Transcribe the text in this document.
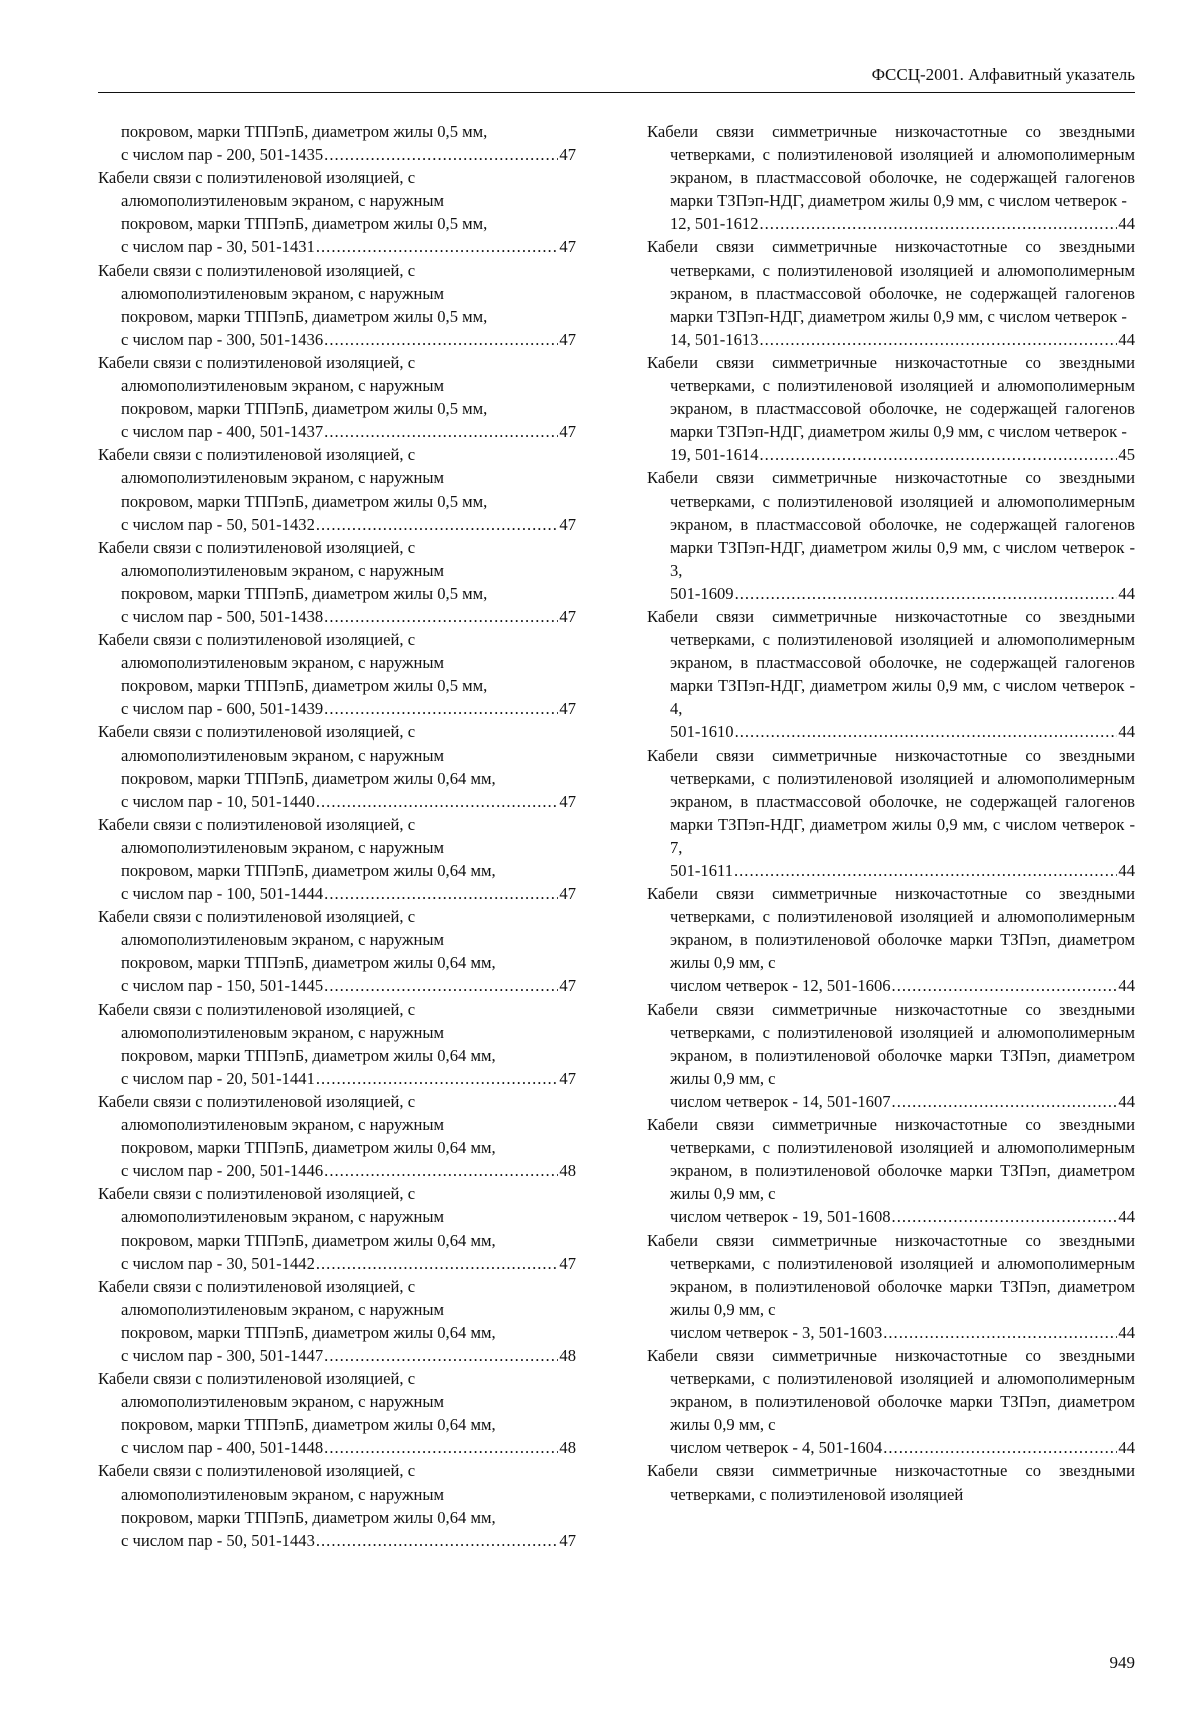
ФССЦ-2001. Алфавитный указатель
покровом, марки ТППэпБ, диаметром жилы 0,5 мм,
с числом пар - 200, 501-1435 .....	47
Кабели связи с полиэтиленовой изоляцией, с
алюмополиэтиленовым экраном, с наружным
покровом, марки ТППэпБ, диаметром жилы 0,5 мм,
с числом пар - 30, 501-1431 .....	47
Кабели связи с полиэтиленовой изоляцией, с
алюмополиэтиленовым экраном, с наружным
покровом, марки ТППэпБ, диаметром жилы 0,5 мм,
с числом пар - 300, 501-1436 .....	47
Кабели связи с полиэтиленовой изоляцией, с
алюмополиэтиленовым экраном, с наружным
покровом, марки ТППэпБ, диаметром жилы 0,5 мм,
с числом пар - 400, 501-1437 .....	47
Кабели связи с полиэтиленовой изоляцией, с
алюмополиэтиленовым экраном, с наружным
покровом, марки ТППэпБ, диаметром жилы 0,5 мм,
с числом пар - 50, 501-1432 .....	47
Кабели связи с полиэтиленовой изоляцией, с
алюмополиэтиленовым экраном, с наружным
покровом, марки ТППэпБ, диаметром жилы 0,5 мм,
с числом пар - 500, 501-1438 .....	47
Кабели связи с полиэтиленовой изоляцией, с
алюмополиэтиленовым экраном, с наружным
покровом, марки ТППэпБ, диаметром жилы 0,5 мм,
с числом пар - 600, 501-1439 .....	47
Кабели связи с полиэтиленовой изоляцией, с
алюмополиэтиленовым экраном, с наружным
покровом, марки ТППэпБ, диаметром жилы 0,64 мм,
с числом пар - 10, 501-1440 .....	47
Кабели связи с полиэтиленовой изоляцией, с
алюмополиэтиленовым экраном, с наружным
покровом, марки ТППэпБ, диаметром жилы 0,64 мм,
с числом пар - 100, 501-1444 .....	47
Кабели связи с полиэтиленовой изоляцией, с
алюмополиэтиленовым экраном, с наружным
покровом, марки ТППэпБ, диаметром жилы 0,64 мм,
с числом пар - 150, 501-1445 .....	47
Кабели связи с полиэтиленовой изоляцией, с
алюмополиэтиленовым экраном, с наружным
покровом, марки ТППэпБ, диаметром жилы 0,64 мм,
с числом пар - 20, 501-1441 .....	47
Кабели связи с полиэтиленовой изоляцией, с
алюмополиэтиленовым экраном, с наружным
покровом, марки ТППэпБ, диаметром жилы 0,64 мм,
с числом пар - 200, 501-1446 .....	48
Кабели связи с полиэтиленовой изоляцией, с
алюмополиэтиленовым экраном, с наружным
покровом, марки ТППэпБ, диаметром жилы 0,64 мм,
с числом пар - 30, 501-1442 .....	47
Кабели связи с полиэтиленовой изоляцией, с
алюмополиэтиленовым экраном, с наружным
покровом, марки ТППэпБ, диаметром жилы 0,64 мм,
с числом пар - 300, 501-1447 .....	48
Кабели связи с полиэтиленовой изоляцией, с
алюмополиэтиленовым экраном, с наружным
покровом, марки ТППэпБ, диаметром жилы 0,64 мм,
с числом пар - 400, 501-1448 .....	48
Кабели связи с полиэтиленовой изоляцией, с
алюмополиэтиленовым экраном, с наружным
покровом, марки ТППэпБ, диаметром жилы 0,64 мм,
с числом пар - 50, 501-1443 .....	47
Кабели связи симметричные низкочастотные со звездными четверками, с полиэтиленовой изоляцией и алюмополимерным экраном, в пластмассовой оболочке, не содержащей галогенов марки ТЗПэп-НДГ, диаметром жилы 0,9 мм, с числом четверок -
12, 501-1612 .....	44
Кабели связи симметричные низкочастотные со звездными четверками, с полиэтиленовой изоляцией и алюмополимерным экраном, в пластмассовой оболочке, не содержащей галогенов марки ТЗПэп-НДГ, диаметром жилы 0,9 мм, с числом четверок -
14, 501-1613 .....	44
Кабели связи симметричные низкочастотные со звездными четверками, с полиэтиленовой изоляцией и алюмополимерным экраном, в пластмассовой оболочке, не содержащей галогенов марки ТЗПэп-НДГ, диаметром жилы 0,9 мм, с числом четверок -
19, 501-1614 .....	45
Кабели связи симметричные низкочастотные со звездными четверками, с полиэтиленовой изоляцией и алюмополимерным экраном, в пластмассовой оболочке, не содержащей галогенов марки ТЗПэп-НДГ, диаметром жилы 0,9 мм, с числом четверок - 3,
501-1609 .....	44
Кабели связи симметричные низкочастотные со звездными четверками, с полиэтиленовой изоляцией и алюмополимерным экраном, в пластмассовой оболочке, не содержащей галогенов марки ТЗПэп-НДГ, диаметром жилы 0,9 мм, с числом четверок - 4,
501-1610 .....	44
Кабели связи симметричные низкочастотные со звездными четверками, с полиэтиленовой изоляцией и алюмополимерным экраном, в пластмассовой оболочке, не содержащей галогенов марки ТЗПэп-НДГ, диаметром жилы 0,9 мм, с числом четверок - 7,
501-1611 .....	44
Кабели связи симметричные низкочастотные со звездными четверками, с полиэтиленовой изоляцией и алюмополимерным экраном, в полиэтиленовой оболочке марки ТЗПэп, диаметром жилы 0,9 мм, с
числом четверок - 12, 501-1606 .....	44
Кабели связи симметричные низкочастотные со звездными четверками, с полиэтиленовой изоляцией и алюмополимерным экраном, в полиэтиленовой оболочке марки ТЗПэп, диаметром жилы 0,9 мм, с
числом четверок - 14, 501-1607 .....	44
Кабели связи симметричные низкочастотные со звездными четверками, с полиэтиленовой изоляцией и алюмополимерным экраном, в полиэтиленовой оболочке марки ТЗПэп, диаметром жилы 0,9 мм, с
числом четверок - 19, 501-1608 .....	44
Кабели связи симметричные низкочастотные со звездными четверками, с полиэтиленовой изоляцией и алюмополимерным экраном, в полиэтиленовой оболочке марки ТЗПэп, диаметром жилы 0,9 мм, с
числом четверок - 3, 501-1603 .....	44
Кабели связи симметричные низкочастотные со звездными четверками, с полиэтиленовой изоляцией и алюмополимерным экраном, в полиэтиленовой оболочке марки ТЗПэп, диаметром жилы 0,9 мм, с
числом четверок - 4, 501-1604 .....	44
Кабели связи симметричные низкочастотные со звездными четверками, с полиэтиленовой изоляцией
949
